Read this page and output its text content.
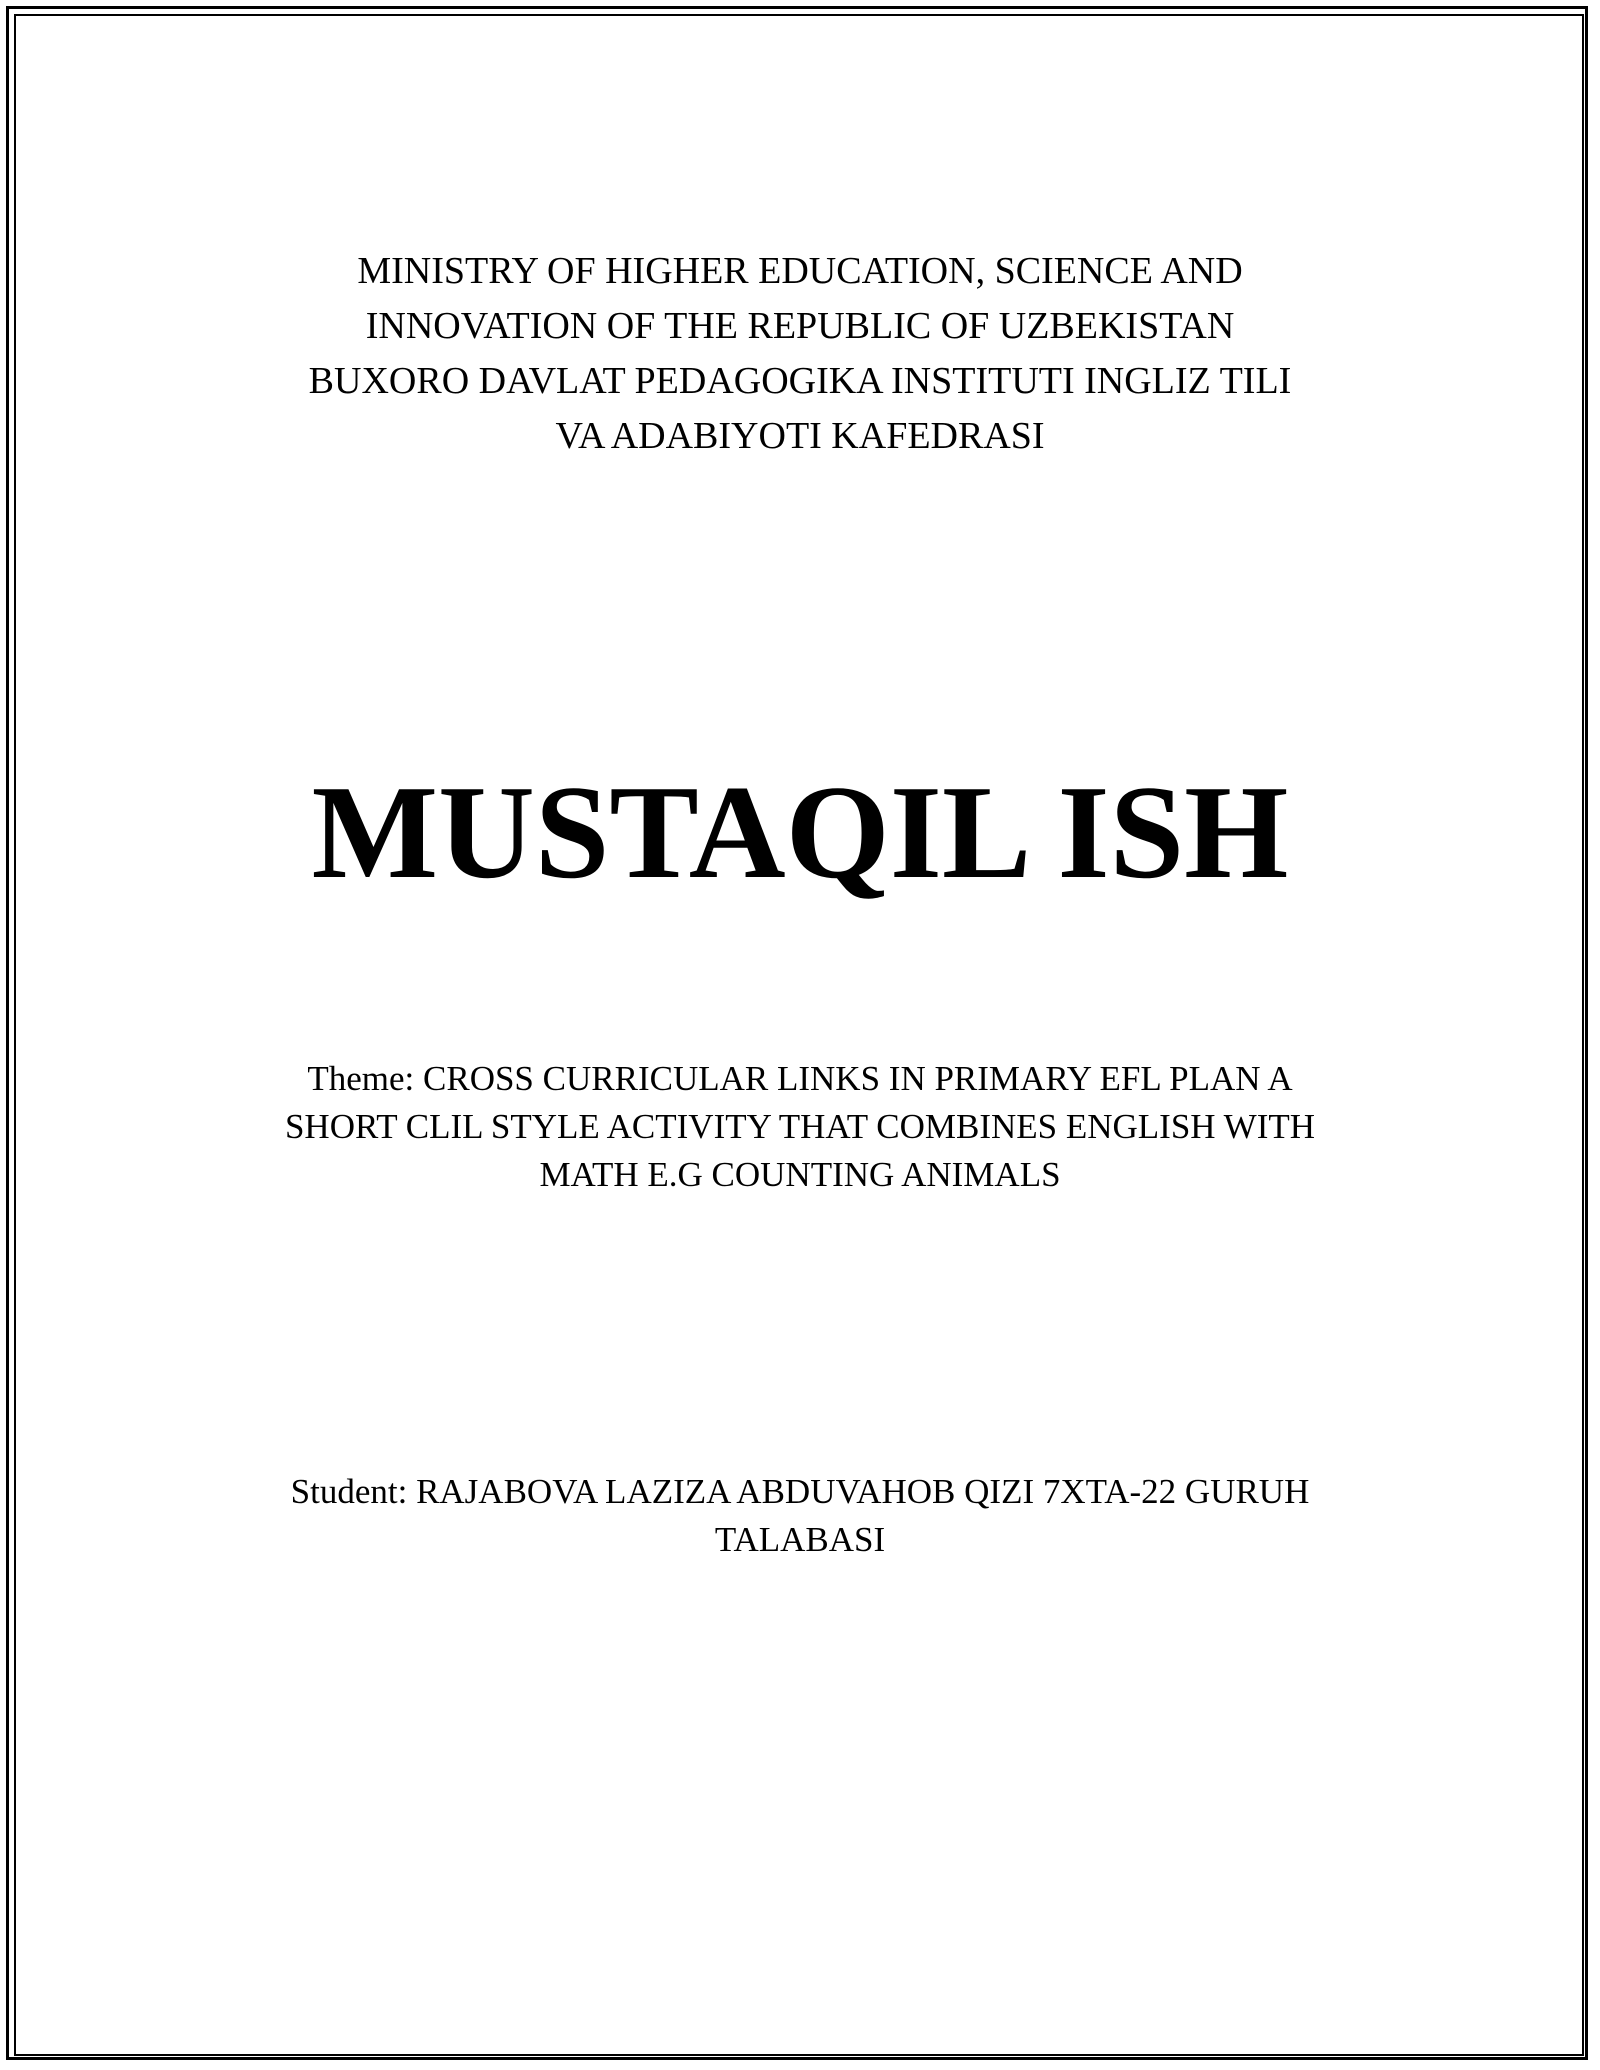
MINISTRY OF HIGHER EDUCATION, SCIENCE AND
INNOVATION OF THE REPUBLIC OF UZBEKISTAN
BUXORO DAVLAT PEDAGOGIKA INSTITUTI INGLIZ TILI
VA ADABIYOTI KAFEDRASI
MUSTAQIL ISH
Theme: CROSS CURRICULAR LINKS IN PRIMARY EFL PLAN A
SHORT CLIL STYLE ACTIVITY THAT COMBINES ENGLISH WITH
MATH E.G COUNTING ANIMALS
Student: RAJABOVA LAZIZA ABDUVAHOB QIZI 7XTA-22 GURUH
TALABASI
